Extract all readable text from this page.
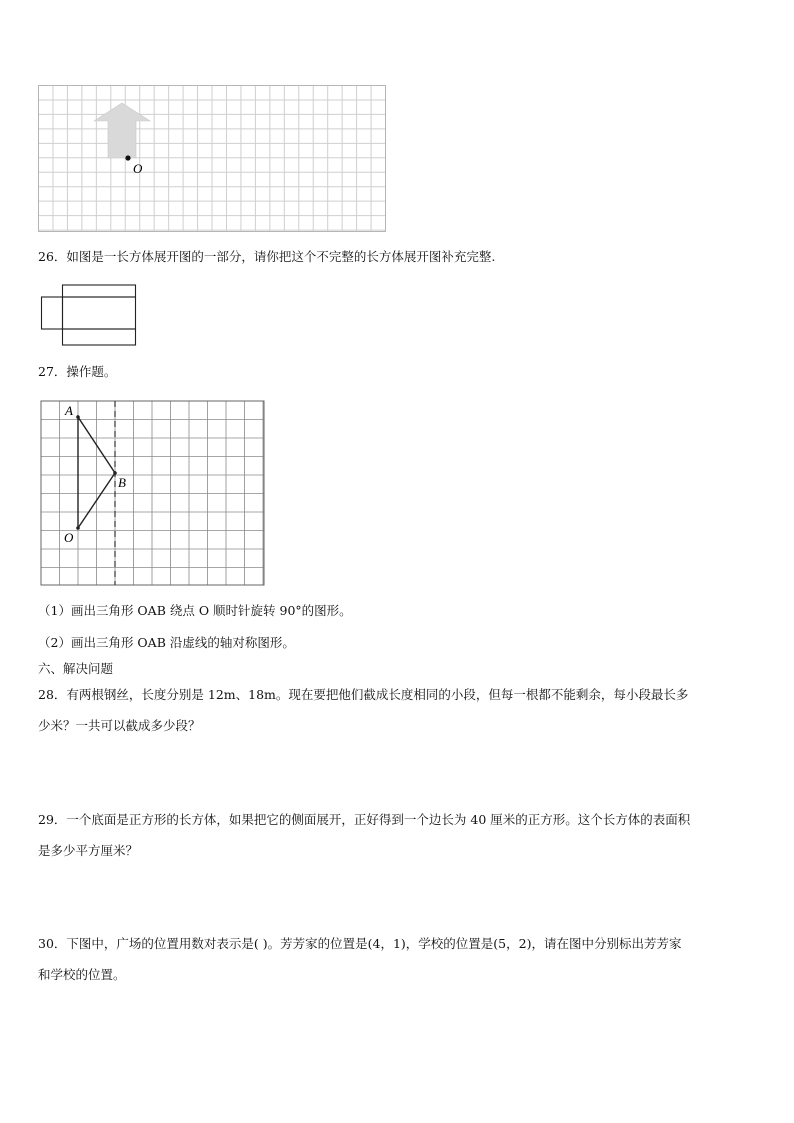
O
26．如图是一长方体展开图的一部分，请你把这个不完整的长方体展开图补充完整.
27．操作题。
A
B
O
（1）画出三角形 OAB 绕点 O 顺时针旋转 90°的图形。
（2）画出三角形 OAB 沿虚线的轴对称图形。
六、解决问题
28．有两根钢丝，长度分别是 12m、18m。现在要把他们截成长度相同的小段，但每一根都不能剩余，每小段最长多
少米？一共可以截成多少段？
29．一个底面是正方形的长方体，如果把它的侧面展开，正好得到一个边长为 40 厘米的正方形。这个长方体的表面积
是多少平方厘米？
30．下图中，广场的位置用数对表示是( )。芳芳家的位置是(4，1)，学校的位置是(5，2)，请在图中分别标出芳芳家
和学校的位置。
